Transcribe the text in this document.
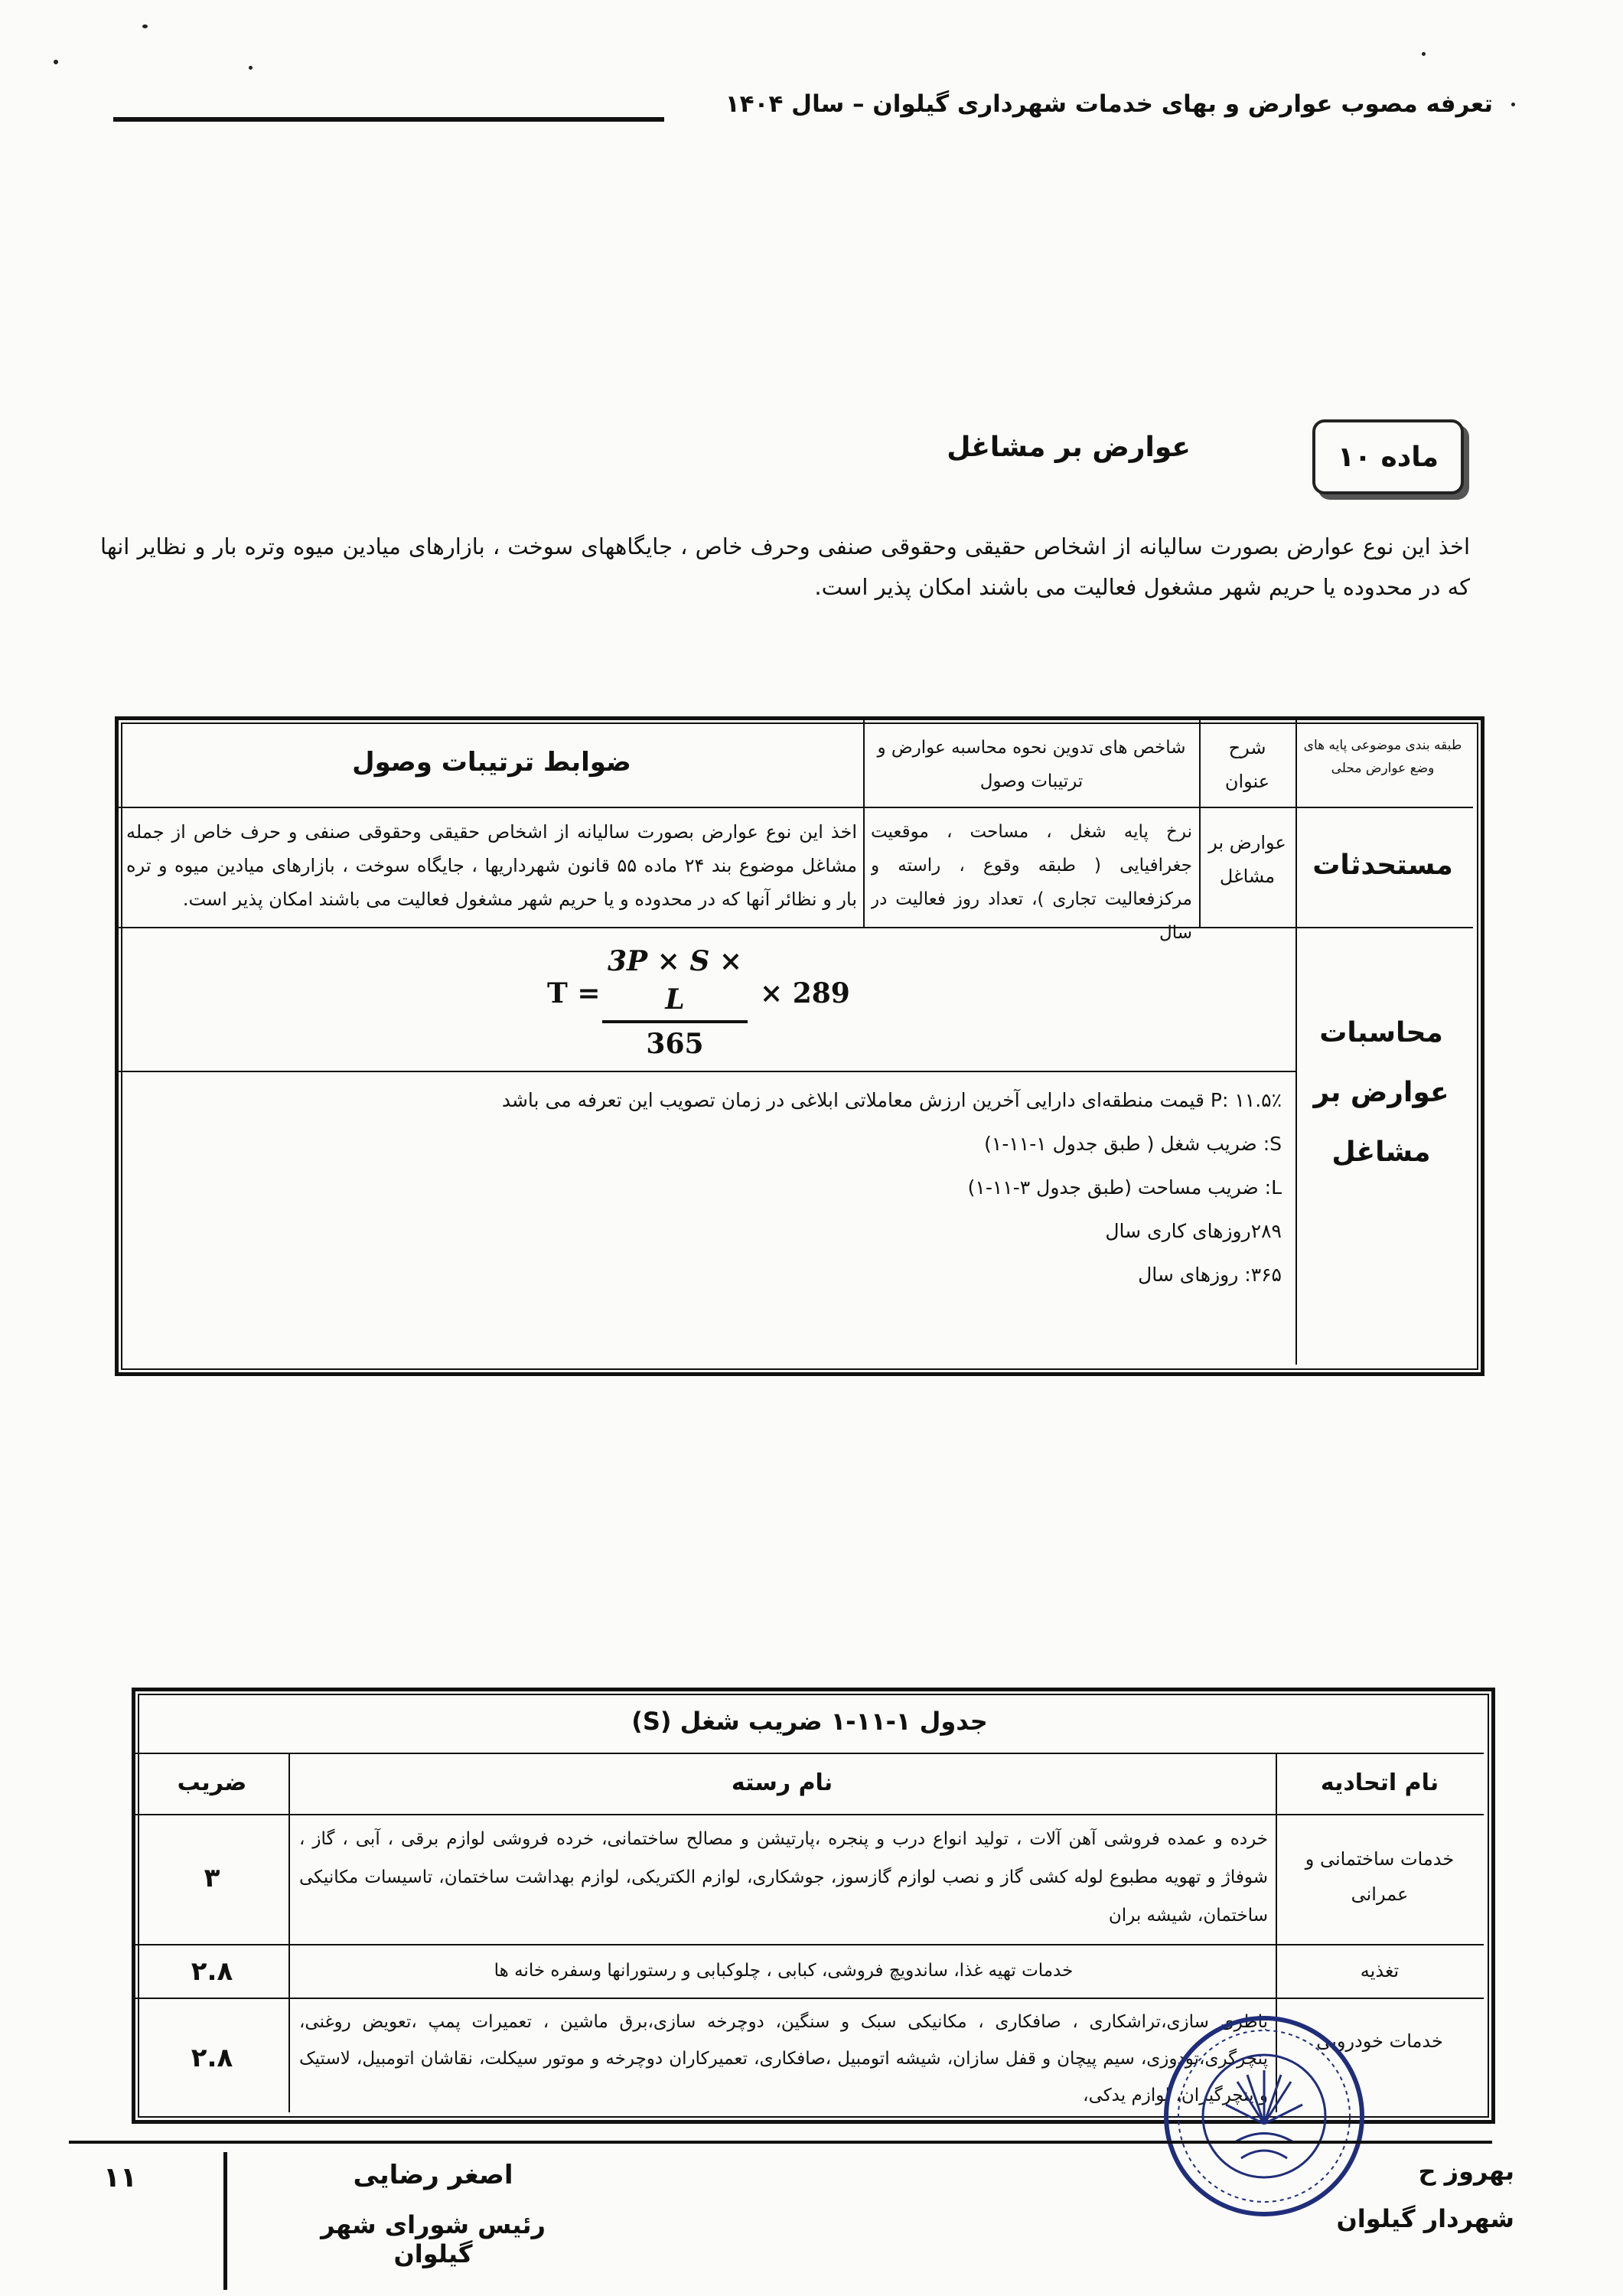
تعرفه مصوب عوارض و بهای خدمات شهرداری گیلوان – سال ۱۴۰۴
ماده ۱۰
عوارض بر مشاغل
اخذ این نوع عوارض بصورت سالیانه از اشخاص حقیقی وحقوقی صنفی وحرف خاص ، جایگاههای سوخت ، بازارهای میادین میوه وتره بار و نظایر انها که در محدوده یا حریم شهر مشغول فعالیت می باشند امکان پذیر است.
طبقه بندی موضوعی پایه های وضع عوارض محلی
شرح عنوان
شاخص های تدوین نحوه محاسبه عوارض و ترتیبات وصول
ضوابط ترتیبات وصول
مستحدثات
عوارض بر مشاغل
نرخ پایه شغل ، مساحت ، موقعیت جغرافیایی ( طبقه وقوع ، راسته و مرکزفعالیت تجاری )، تعداد روز فعالیت در سال
اخذ این نوع عوارض بصورت سالیانه از اشخاص حقیقی وحقوقی صنفی و حرف خاص از جمله مشاغل موضوع بند ۲۴ ماده ۵۵ قانون شهرداریها ، جایگاه سوخت ، بازارهای میادین میوه و تره بار و نظائر آنها که در محدوده و یا حریم شهر مشغول فعالیت می باشند امکان پذیر است.
محاسبات عوارض بر مشاغل
T =
3P × S × L
365
× 289
P: ۱۱.۵٪ قیمت منطقه‌ای دارایی آخرین ارزش معاملاتی ابلاغی در زمان تصویب این تعرفه می باشد
S: ضریب شغل ( طبق جدول ۱-۱۱-۱)
L: ضریب مساحت (طبق جدول ۳-۱۱-۱)
۲۸۹روزهای کاری سال
۳۶۵: روزهای سال
جدول ۱-۱۱-۱ ضریب شغل (S)
نام اتحادیه
نام رسته
ضریب
خدمات ساختمانی و عمرانی
خرده و عمده فروشی آهن آلات ، تولید انواع درب و پنجره ،پارتیشن و مصالح ساختمانی، خرده فروشی لوازم برقی ، آبی ، گاز ، شوفاژ و تهویه مطبوع لوله کشی گاز و نصب لوازم گازسوز، جوشکاری، لوازم الکتریکی، لوازم بهداشت ساختمان، تاسیسات مکانیکی ساختمان، شیشه بران
۳
تغذیه
خدمات تهیه غذا، ساندویچ فروشی، کبابی ، چلوکبابی و رستورانها وسفره خانه ها
۲.۸
خدمات خودرویی
باطری سازی،تراشکاری ، صافکاری ، مکانیکی سبک و سنگین، دوچرخه سازی،برق ماشین ، تعمیرات پمپ ،تعویض روغنی، پنچرگری،تودوزی، سیم پیچان و قفل سازان، شیشه اتومبیل ،صافکاری، تعمیرکاران دوچرخه و موتور سیکلت، نقاشان اتومبیل، لاستیک و پنچرگیران، لوازم یدکی،
۲.۸
۱۱	اصغر رضایی
رئیس شورای شهر گیلوان
بهروز ح
شهردار گیلوان
